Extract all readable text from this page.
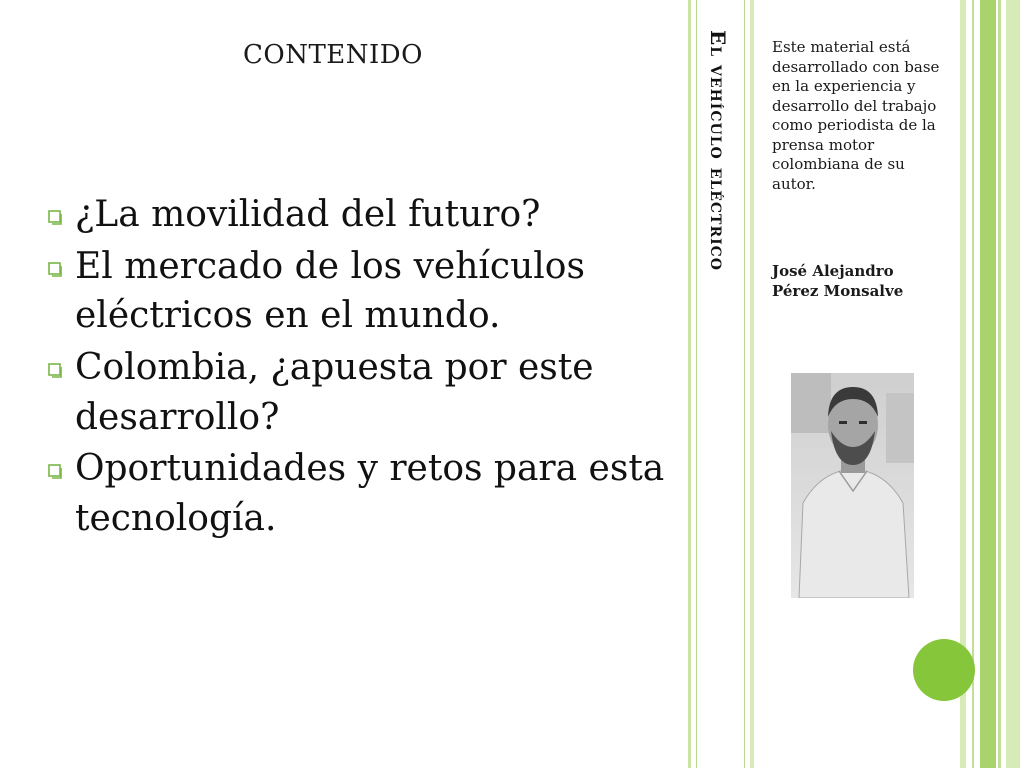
CONTENIDO
¿La movilidad del futuro?
El mercado de los vehículos eléctricos en el mundo.
Colombia, ¿apuesta por este desarrollo?
Oportunidades y retos para esta tecnología.
El vehículo eléctrico	Este material está desarrollado con base en la experiencia y desarrollo del trabajo como periodista de la prensa motor colombiana de su autor.
José Alejandro Pérez Monsalve
